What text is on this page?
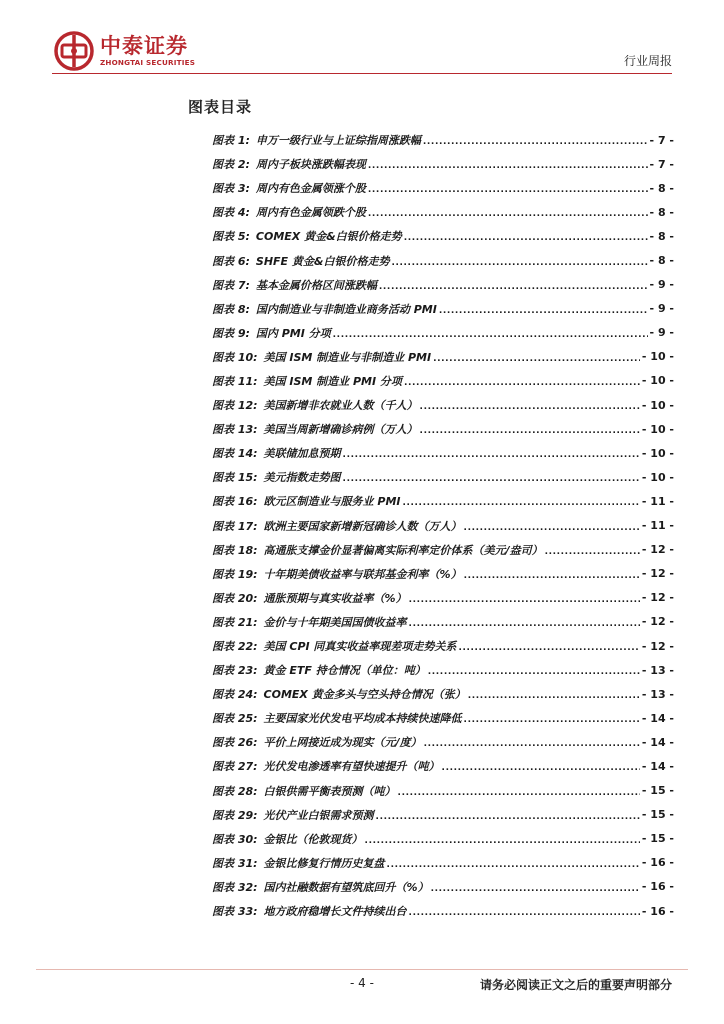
中泰证券
ZHONGTAI SECURITIES	行业周报
图表目录
图表 1: 申万一级行业与上证综指周涨跌幅 .....	- 7 -
图表 2: 周内子板块涨跌幅表现 .....	- 7 -
图表 3: 周内有色金属领涨个股 .....	- 8 -
图表 4: 周内有色金属领跌个股 .....	- 8 -
图表 5: COMEX 黄金&白银价格走势 .....	- 8 -
图表 6: SHFE 黄金&白银价格走势 .....	- 8 -
图表 7: 基本金属价格区间涨跌幅 .....	- 9 -
图表 8: 国内制造业与非制造业商务活动 PMI .....	- 9 -
图表 9: 国内 PMI 分项 .....	- 9 -
图表 10: 美国 ISM 制造业与非制造业 PMI .....	- 10 -
图表 11: 美国 ISM 制造业 PMI 分项 .....	- 10 -
图表 12: 美国新增非农就业人数（千人） .....	- 10 -
图表 13: 美国当周新增确诊病例（万人） .....	- 10 -
图表 14: 美联储加息预期 .....	- 10 -
图表 15: 美元指数走势图 .....	- 10 -
图表 16: 欧元区制造业与服务业 PMI .....	- 11 -
图表 17: 欧洲主要国家新增新冠确诊人数（万人） .....	- 11 -
图表 18: 高通胀支撑金价显著偏离实际利率定价体系（美元/盎司） .....	- 12 -
图表 19: 十年期美债收益率与联邦基金利率（%） .....	- 12 -
图表 20: 通胀预期与真实收益率（%） .....	- 12 -
图表 21: 金价与十年期美国国债收益率 .....	- 12 -
图表 22: 美国 CPI 同真实收益率现差项走势关系 .....	- 12 -
图表 23: 黄金 ETF 持仓情况（单位：吨） .....	- 13 -
图表 24: COMEX 黄金多头与空头持仓情况（张） .....	- 13 -
图表 25: 主要国家光伏发电平均成本持续快速降低 .....	- 14 -
图表 26: 平价上网接近成为现实（元/度） .....	- 14 -
图表 27: 光伏发电渗透率有望快速提升（吨） .....	- 14 -
图表 28: 白银供需平衡表预测（吨） .....	- 15 -
图表 29: 光伏产业白银需求预测 .....	- 15 -
图表 30: 金银比（伦敦现货） .....	- 15 -
图表 31: 金银比修复行情历史复盘 .....	- 16 -
图表 32: 国内社融数据有望筑底回升（%） .....	- 16 -
图表 33: 地方政府稳增长文件持续出台 .....	- 16 -
- 4 -	请务必阅读正文之后的重要声明部分
